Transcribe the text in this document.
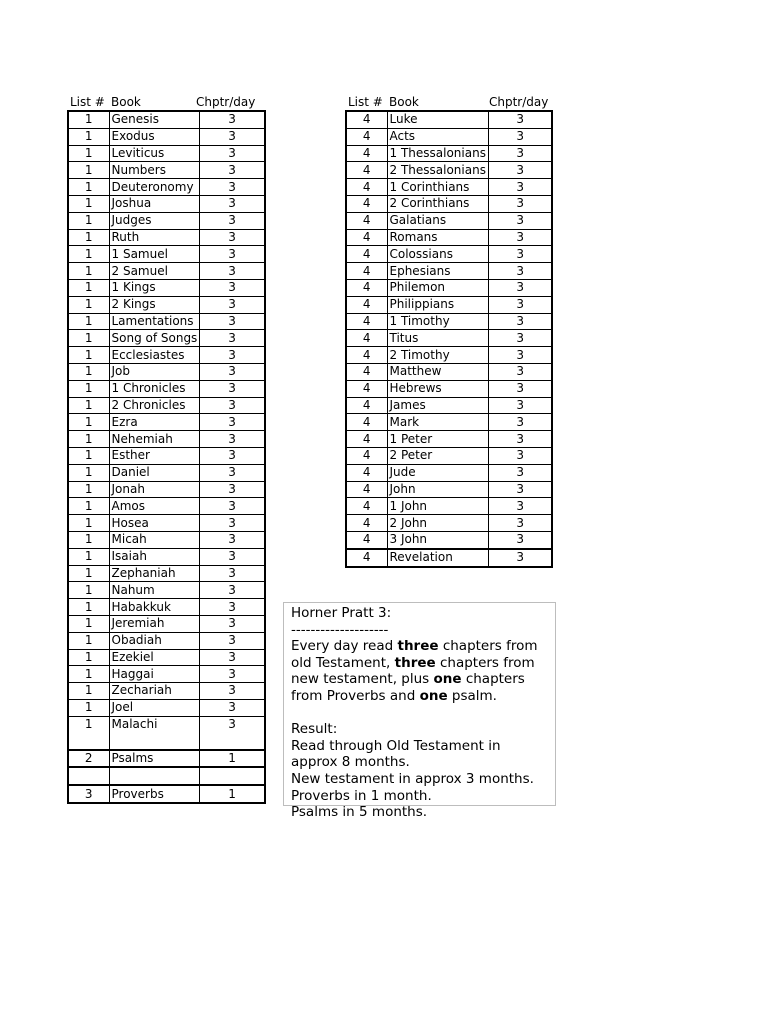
List # Book	Chptr/day
1	Genesis	3
1	Exodus	3
1	Leviticus	3
1	Numbers	3
1	Deuteronomy	3
1	Joshua	3
1	Judges	3
1	Ruth	3
1	1 Samuel	3
1	2 Samuel	3
1	1 Kings	3
1	2 Kings	3
1	Lamentations	3
1	Song of Songs	3
1	Ecclesiastes	3
1	Job	3
1	1 Chronicles	3
1	2 Chronicles	3
1	Ezra	3
1	Nehemiah	3
1	Esther	3
1	Daniel	3
1	Jonah	3
1	Amos	3
1	Hosea	3
1	Micah	3
1	Isaiah	3
1	Zephaniah	3
1	Nahum	3
1	Habakkuk	3
1	Jeremiah	3
1	Obadiah	3
1	Ezekiel	3
1	Haggai	3
1	Zechariah	3
1	Joel	3
1	Malachi	3
2	Psalms	1

3	Proverbs	1
List # Book	Chptr/day
4	Luke	3
4	Acts	3
4	1 Thessalonians	3
4	2 Thessalonians	3
4	1 Corinthians	3
4	2 Corinthians	3
4	Galatians	3
4	Romans	3
4	Colossians	3
4	Ephesians	3
4	Philemon	3
4	Philippians	3
4	1 Timothy	3
4	Titus	3
4	2 Timothy	3
4	Matthew	3
4	Hebrews	3
4	James	3
4	Mark	3
4	1 Peter	3
4	2 Peter	3
4	Jude	3
4	John	3
4	1 John	3
4	2 John	3
4	3 John	3
4	Revelation	3
Horner Pratt 3:
--------------------
Every day read three chapters from
old Testament, three chapters from
new testament, plus one chapters
from Proverbs and one psalm.
Result:
Read through Old Testament in
approx 8 months.
New testament in approx 3 months.
Proverbs in 1 month.
Psalms in 5 months.
